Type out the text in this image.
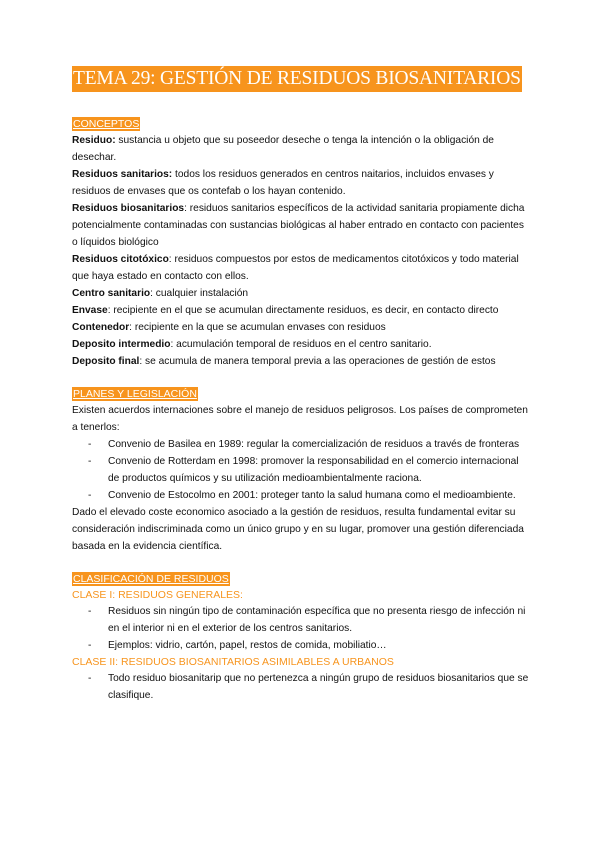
TEMA 29: GESTIÓN DE RESIDUOS BIOSANITARIOS
CONCEPTOS

Residuo: sustancia u objeto que su poseedor deseche o tenga la intención o la obligación de desechar.

Residuos sanitarios: todos los residuos generados en centros naitarios, incluidos envases y residuos de envases que os contefab o los hayan contenido.

Residuos biosanitarios: residuos sanitarios específicos de la actividad sanitaria propiamente dicha potencialmente contaminadas con sustancias biológicas al haber entrado en contacto con pacientes o líquidos biológico

Residuos citotóxico: residuos compuestos por estos de medicamentos citotóxicos y todo material que haya estado en contacto con ellos.

Centro sanitario: cualquier instalación

Envase: recipiente en el que se acumulan directamente residuos, es decir, en contacto directo

Contenedor: recipiente en la que se acumulan envases con residuos

Deposito intermedio: acumulación temporal de residuos en el centro sanitario.

Deposito final: se acumula de manera temporal previa a las operaciones de gestión de estos

PLANES Y LEGISLACIÓN

Existen acuerdos internaciones sobre el manejo de residuos peligrosos. Los países de comprometen a tenerlos:

- Convenio de Basilea en 1989: regular la comercialización de residuos a través de fronteras
- Convenio de Rotterdam en 1998: promover la responsabilidad en el comercio internacional de productos químicos y su utilización medioambientalmente raciona.
- Convenio de Estocolmo en 2001: proteger tanto la salud humana como el medioambiente.

Dado el elevado coste economico asociado a la gestión de residuos, resulta fundamental evitar su consideración indiscriminada como un único grupo y en su lugar, promover una gestión diferenciada basada en la evidencia científica.

CLASIFICACIÓN DE RESIDUOS
CLASE I: RESIDUOS GENERALES:
- Residuos sin ningún tipo de contaminación específica que no presenta riesgo de infección ni en el interior ni en el exterior de los centros sanitarios.
- Ejemplos: vidrio, cartón, papel, restos de comida, mobiliatio…
CLASE II: RESIDUOS BIOSANITARIOS ASIMILABLES A URBANOS
- Todo residuo biosanitarip que no pertenezca a ningún grupo de residuos biosanitarios que se clasifique.
